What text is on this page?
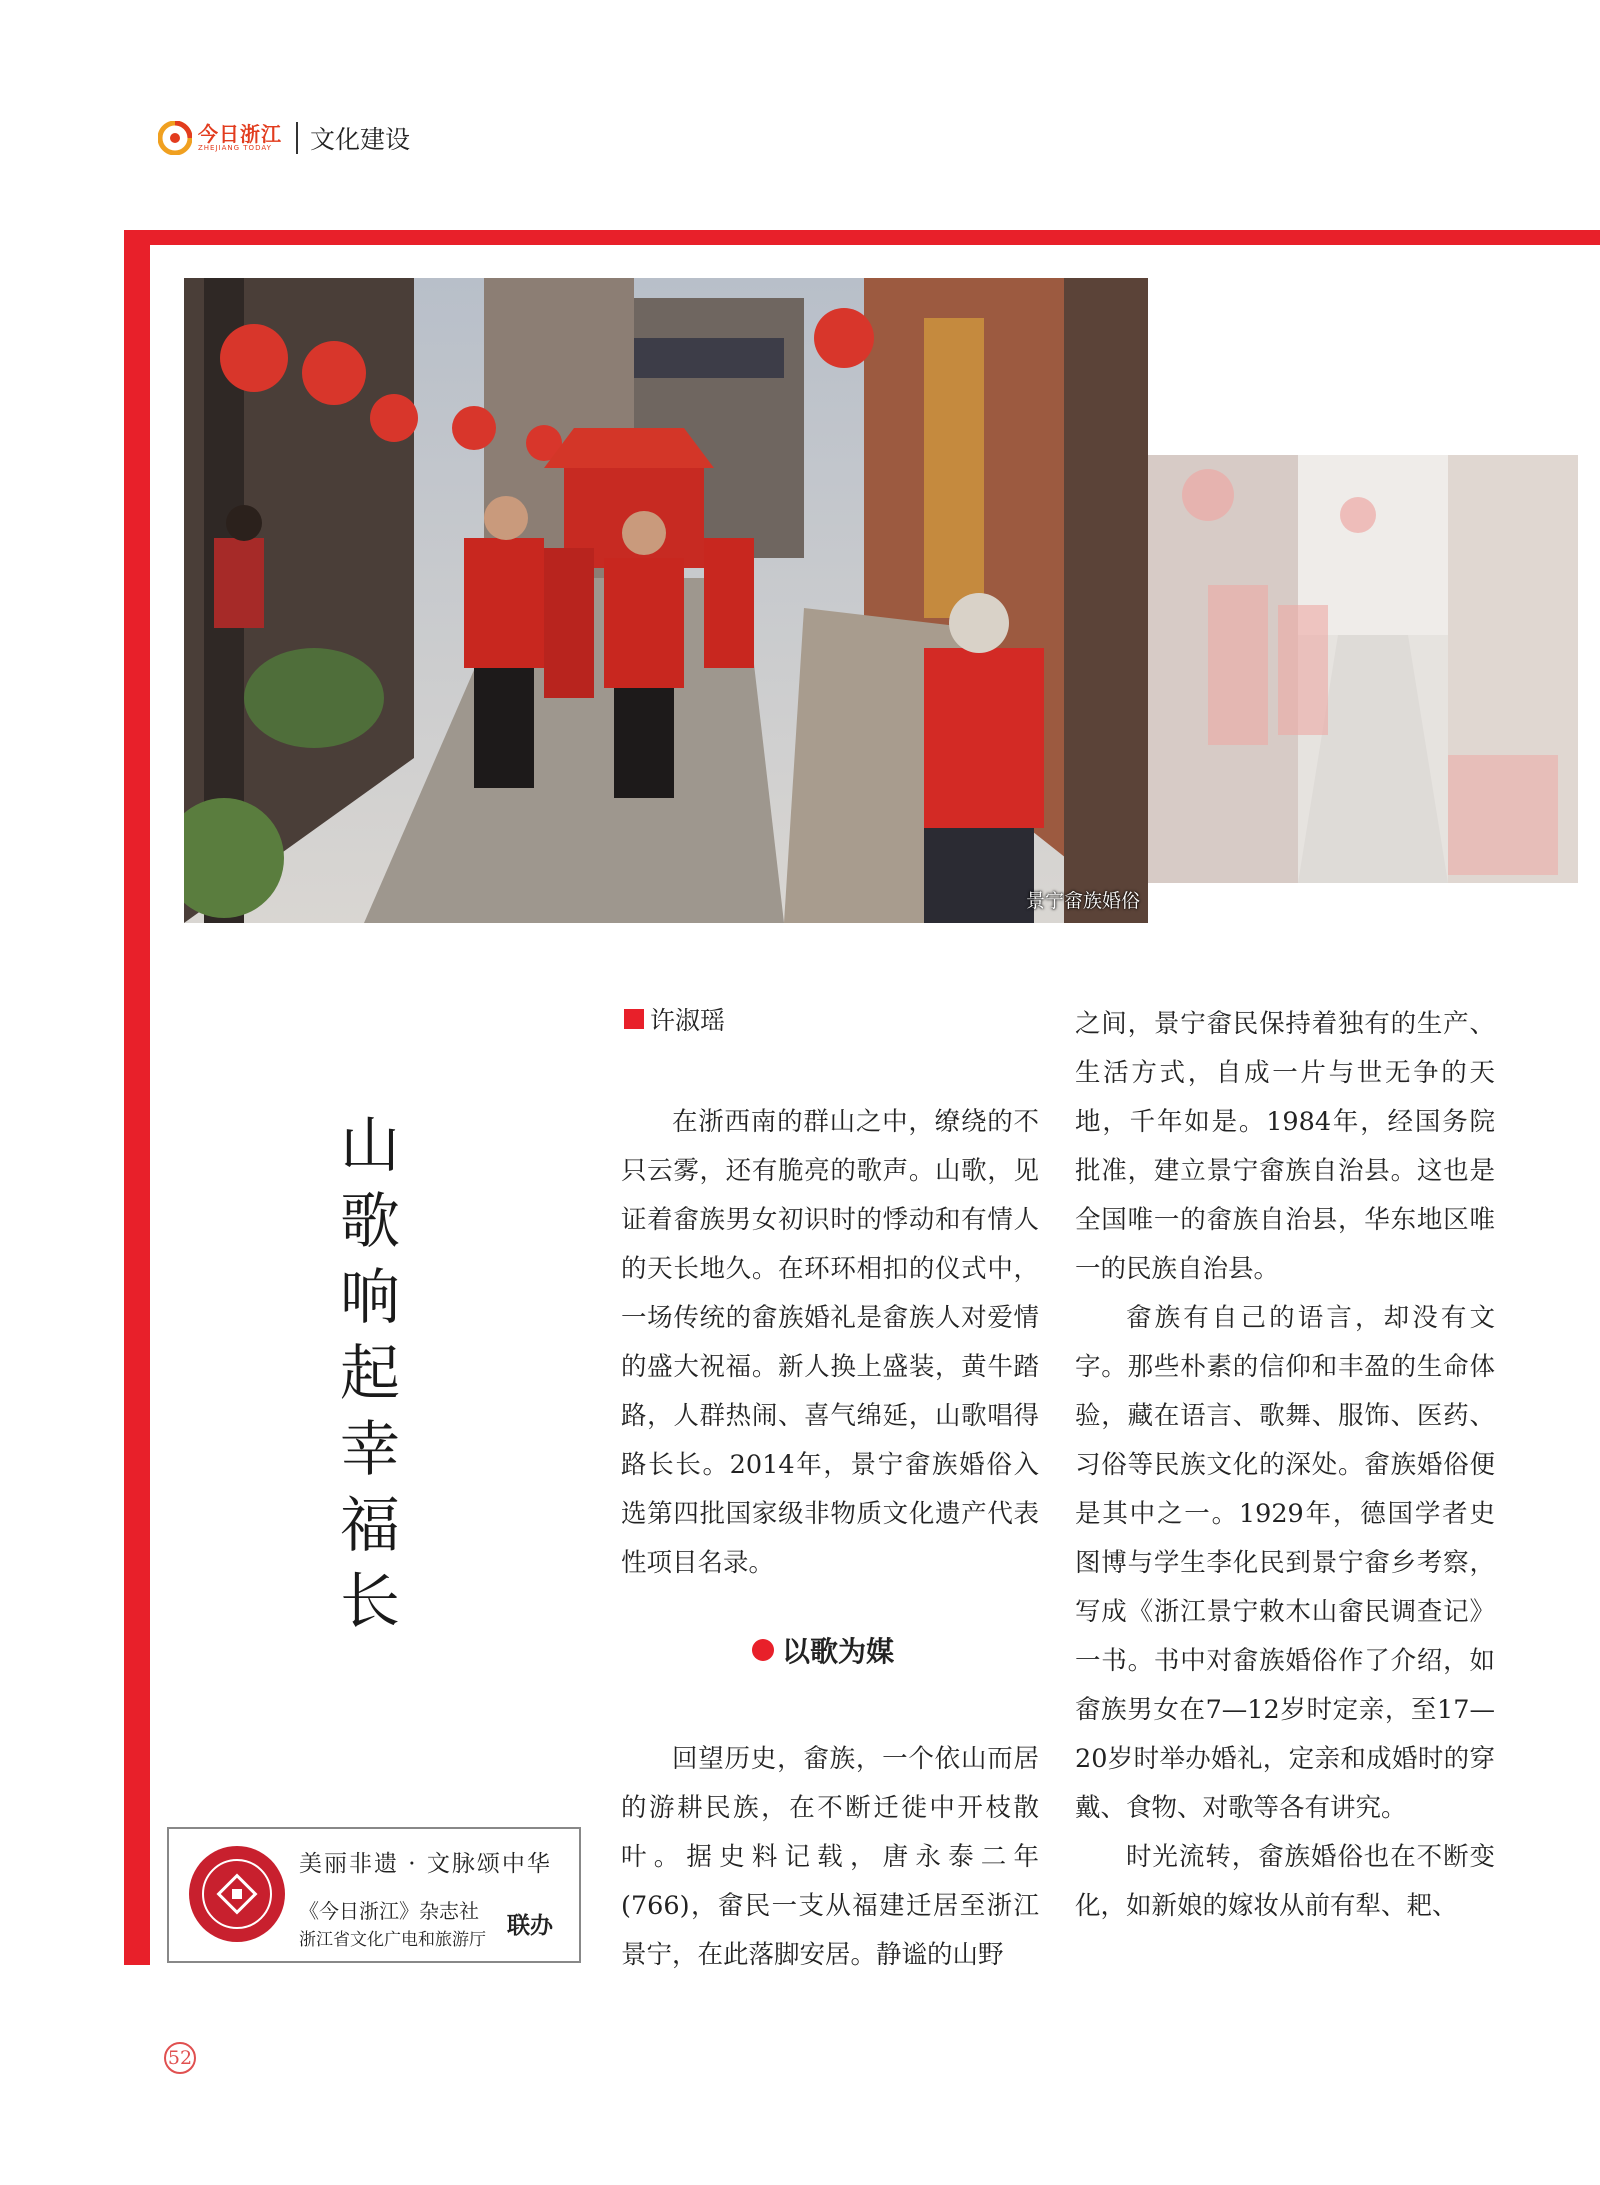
今日浙江
ZHEJIANG TODAY	文化建设
景宁畲族婚俗
山歌响起幸福长
美丽非遗 · 文脉颂中华
《今日浙江》杂志社
浙江省文化广电和旅游厅
联办
许淑瑶

在浙西南的群山之中，缭绕的不只云雾，还有脆亮的歌声。山歌，见证着畲族男女初识时的悸动和有情人的天长地久。在环环相扣的仪式中，一场传统的畲族婚礼是畲族人对爱情的盛大祝福。新人换上盛装，黄牛踏路，人群热闹、喜气绵延，山歌唱得路长长。2014年，景宁畲族婚俗入选第四批国家级非物质文化遗产代表性项目名录。

回望历史，畲族，一个依山而居的游耕民族，在不断迁徙中开枝散叶。据史料记载，唐永泰二年(766)，畲民一支从福建迁居至浙江景宁，在此落脚安居。静谧的山野

以歌为媒

之间，景宁畲民保持着独有的生产、生活方式，自成一片与世无争的天地，千年如是。1984年，经国务院批准，建立景宁畲族自治县。这也是全国唯一的畲族自治县，华东地区唯一的民族自治县。

畲族有自己的语言，却没有文字。那些朴素的信仰和丰盈的生命体验，藏在语言、歌舞、服饰、医药、习俗等民族文化的深处。畲族婚俗便是其中之一。1929年，德国学者史图博与学生李化民到景宁畲乡考察，写成《浙江景宁敕木山畲民调查记》一书。书中对畲族婚俗作了介绍，如畲族男女在7—12岁时定亲，至17—20岁时举办婚礼，定亲和成婚时的穿戴、食物、对歌等各有讲究。

时光流转，畲族婚俗也在不断变化，如新娘的嫁妆从前有犁、耙、

52
